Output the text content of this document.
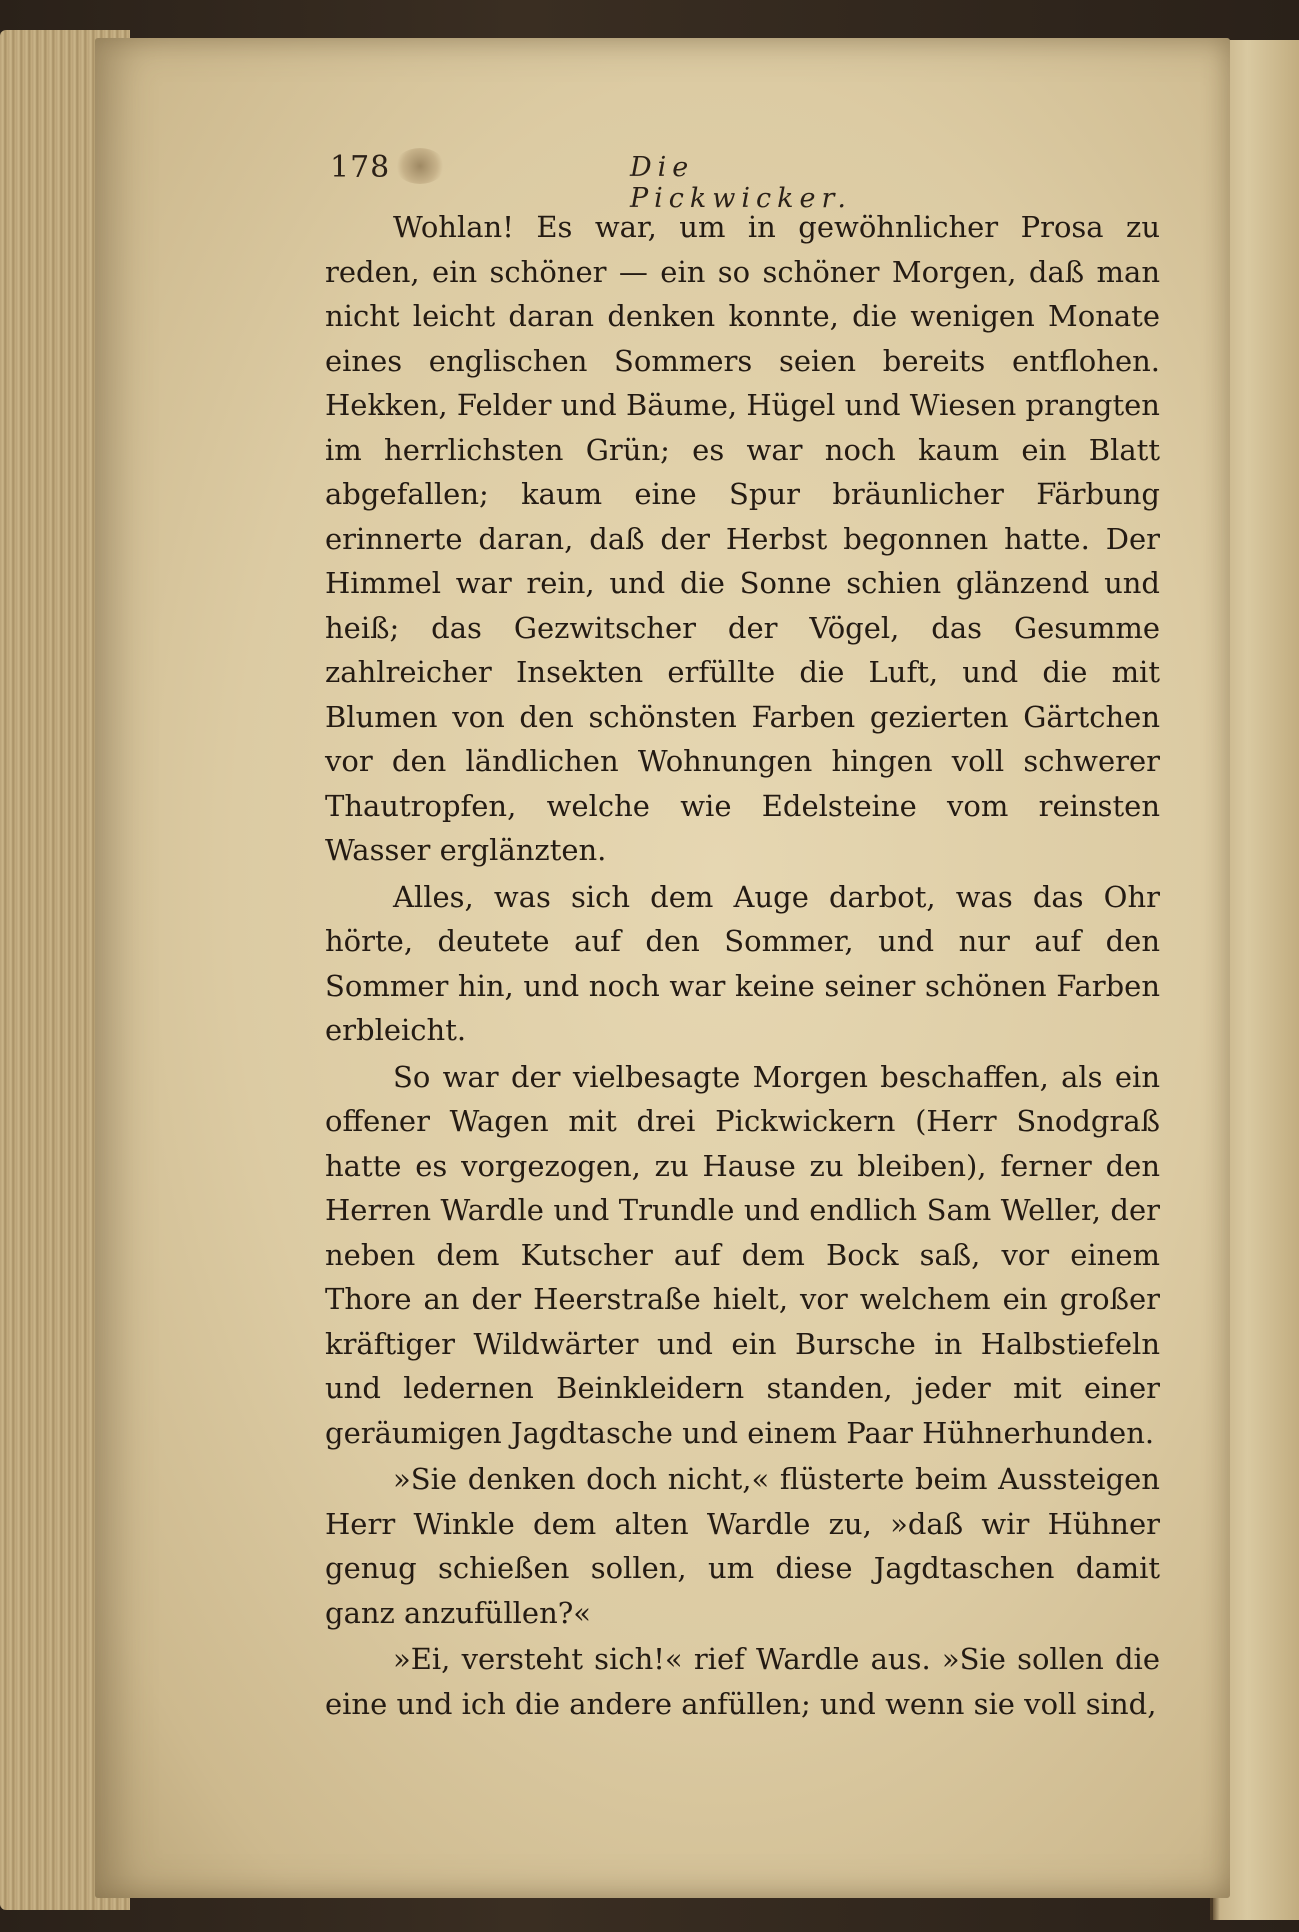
178	Die Pickwicker.

Wohlan! Es war, um in gewöhnlicher Prosa zu reden, ein schöner — ein so schöner Morgen, daß man nicht leicht daran denken konnte, die wenigen Monate eines englischen Sommers seien bereits entflohen. Hekken, Felder und Bäume, Hügel und Wiesen prangten im herrlichsten Grün; es war noch kaum ein Blatt abgefallen; kaum eine Spur bräunlicher Färbung erinnerte daran, daß der Herbst begonnen hatte. Der Himmel war rein, und die Sonne schien glänzend und heiß; das Gezwitscher der Vögel, das Gesumme zahlreicher Insekten erfüllte die Luft, und die mit Blumen von den schönsten Farben gezierten Gärtchen vor den ländlichen Wohnungen hingen voll schwerer Thautropfen, welche wie Edelsteine vom reinsten Wasser erglänzten.

Alles, was sich dem Auge darbot, was das Ohr hörte, deutete auf den Sommer, und nur auf den Sommer hin, und noch war keine seiner schönen Farben erbleicht.

So war der vielbesagte Morgen beschaffen, als ein offener Wagen mit drei Pickwickern (Herr Snodgraß hatte es vorgezogen, zu Hause zu bleiben), ferner den Herren Wardle und Trundle und endlich Sam Weller, der neben dem Kutscher auf dem Bock saß, vor einem Thore an der Heerstraße hielt, vor welchem ein großer kräftiger Wildwärter und ein Bursche in Halbstiefeln und ledernen Beinkleidern standen, jeder mit einer geräumigen Jagdtasche und einem Paar Hühnerhunden.

»Sie denken doch nicht,« flüsterte beim Aussteigen Herr Winkle dem alten Wardle zu, »daß wir Hühner genug schießen sollen, um diese Jagdtaschen damit ganz anzufüllen?«

»Ei, versteht sich!« rief Wardle aus. »Sie sollen die eine und ich die andere anfüllen; und wenn sie voll sind,
